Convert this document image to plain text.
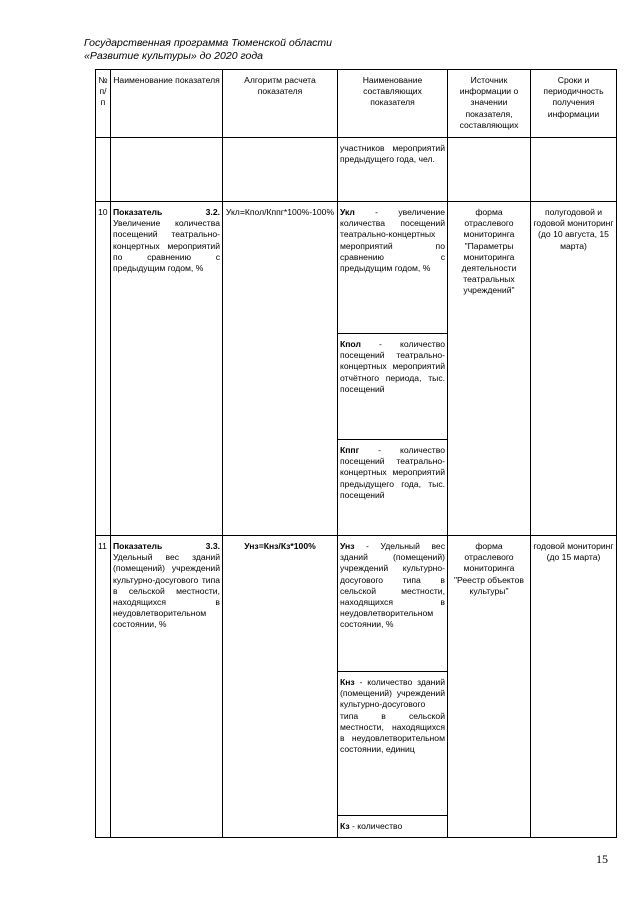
Государственная программа Тюменской области
«Развитие культуры» до 2020 года
№ п/п	Наименование показателя	Алгоритм расчета показателя	Наименование составляющих показателя	Источник информации о значении показателя, составляющих	Сроки и периодичность получения информации
			участников мероприятий предыдущего года, чел.		
10	Показатель 3.2. Увеличение количества посещений театрально-концертных мероприятий по сравнению с предыдущим годом, %	Укл=Кпол/Кппг*100%-100%	Укл - увеличение количества посещений театрально-концертных мероприятий по сравнению с предыдущим годом, %	форма отраслевого мониторинга "Параметры мониторинга деятельности театральных учреждений"	полугодовой и годовой мониторинг (до 10 августа, 15 марта)
			Кпол - количество посещений театрально-концертных мероприятий отчётного периода, тыс. посещений		
			Кппг - количество посещений театрально-концертных мероприятий предыдущего года, тыс. посещений		
11	Показатель 3.3. Удельный вес зданий (помещений) учреждений культурно-досугового типа в сельской местности, находящихся в неудовлетворительном состоянии, %	Унз=Кнз/Кз*100%	Унз - Удельный вес зданий (помещений) учреждений культурно-досугового типа в сельской местности, находящихся в неудовлетворительном состоянии, %	форма отраслевого мониторинга "Реестр объектов культуры"	годовой мониторинг (до 15 марта)
			Кнз - количество зданий (помещений) учреждений культурно-досугового типа в сельской местности, находящихся в неудовлетворительном состоянии, единиц		
			Кз - количество		
15
